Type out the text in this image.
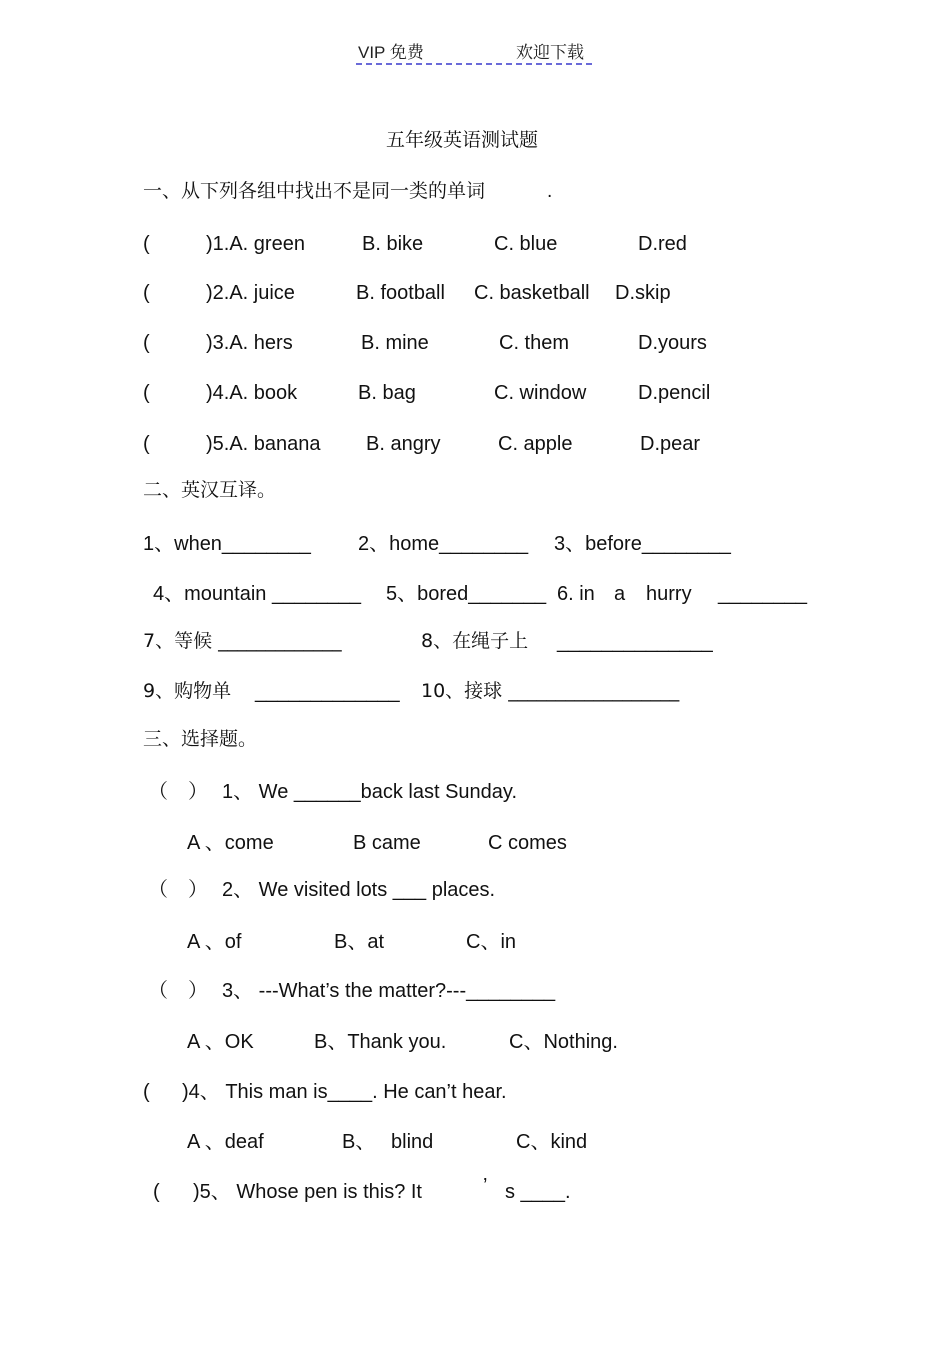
VIP 免费	欢迎下载
五年级英语测试题
一、从下列各组中找出不是同一类的单词	.
(	)1.A. green	B. bike	C. blue	D.red
(	)2.A. juice	B. football C. basketball D.skip
(	)3.A. hers	B. mine	C. them	D.yours
(	)4.A. book	B. bag	C. window	D.pencil
(	)5.A. banana B. angry	C. apple	D.pear
二、英汉互译。
1、when________ 2、home________ 3、before________
4、mountain ________ 5、bored_______ 6. in a hurry ________
7、等候 _____________	8、在绳子上 ______________
9、购物单 _____________ 10、接球 __________________
三、选择题。
（　） 1、 We ______back last Sunday.
A 、come	B came	C comes
（　） 2、 We visited lots ___ places.
A 、of	B、at	C、in
（　） 3、 ---What’s the matter?---________
A 、OK	B、Thank you.	C、Nothing.
( )4、 This man is____. He can’t hear.
A 、deaf	B、 blind	C、kind
( )5、 Whose pen is this? It	’ s ____.
